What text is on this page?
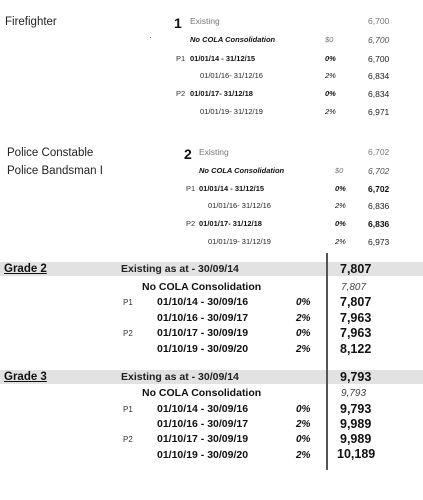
Firefighter	1 Existing	6,700
·	No COLA Consolidation	$0	6,700
P1 01/01/14 - 31/12/15	0%	6,700
01/01/16- 31/12/16	2%	6,834
P2 01/01/17- 31/12/18	0%	6,834
01/01/19- 31/12/19	2%	6,971
Police Constable
Police Bandsman I
2 Existing	6,702
No COLA Consolidation	$0	6,702
P1 01/01/14 - 31/12/15	0%	6,702
01/01/16- 31/12/16	2%	6,836
P2 01/01/17- 31/12/18	0%	6,836
01/01/19- 31/12/19	2%	6,973
Grade 2	Existing as at - 30/09/14	7,807
No COLA Consolidation	7,807
P1 01/10/14 - 30/09/16	0% 7,807
01/10/16 - 30/09/17	2% 7,963
P2 01/10/17 - 30/09/19	0% 7,963
01/10/19 - 30/09/20	2% 8,122
Grade 3	Existing as at - 30/09/14	9,793
No COLA Consolidation	9,793
P1 01/10/14 - 30/09/16	0% 9,793
01/10/16 - 30/09/17	2% 9,989
P2 01/10/17 - 30/09/19	0% 9,989
01/10/19 - 30/09/20	2% 10,189
